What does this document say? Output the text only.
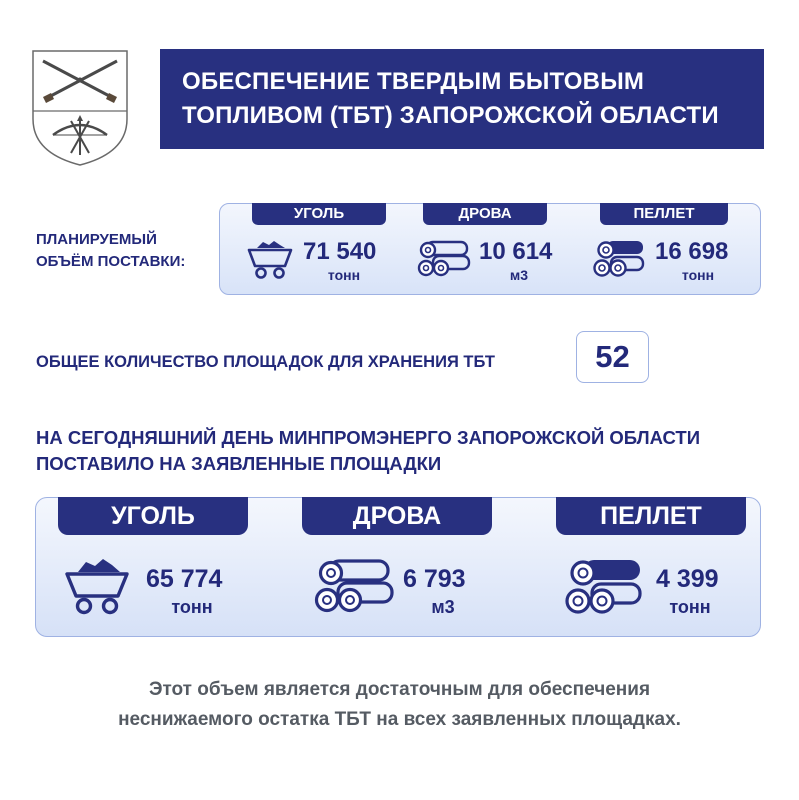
ОБЕСПЕЧЕНИЕ ТВЕРДЫМ БЫТОВЫМ
ТОПЛИВОМ (ТБТ) ЗАПОРОЖСКОЙ ОБЛАСТИ
ПЛАНИРУЕМЫЙ
ОБЪЁМ ПОСТАВКИ:
УГОЛЬ
71 540
тонн
ДРОВА
10 614
м3
ПЕЛЛЕТ
16 698
тонн
ОБЩЕЕ КОЛИЧЕСТВО ПЛОЩАДОК ДЛЯ ХРАНЕНИЯ ТБТ	52
НА СЕГОДНЯШНИЙ ДЕНЬ МИНПРОМЭНЕРГО ЗАПОРОЖСКОЙ ОБЛАСТИ
ПОСТАВИЛО НА ЗАЯВЛЕННЫЕ ПЛОЩАДКИ
УГОЛЬ
65 774
тонн
ДРОВА
6 793
м3
ПЕЛЛЕТ
4 399
тонн
Этот объем является достаточным для обеспечения
неснижаемого остатка ТБТ на всех заявленных площадках.
